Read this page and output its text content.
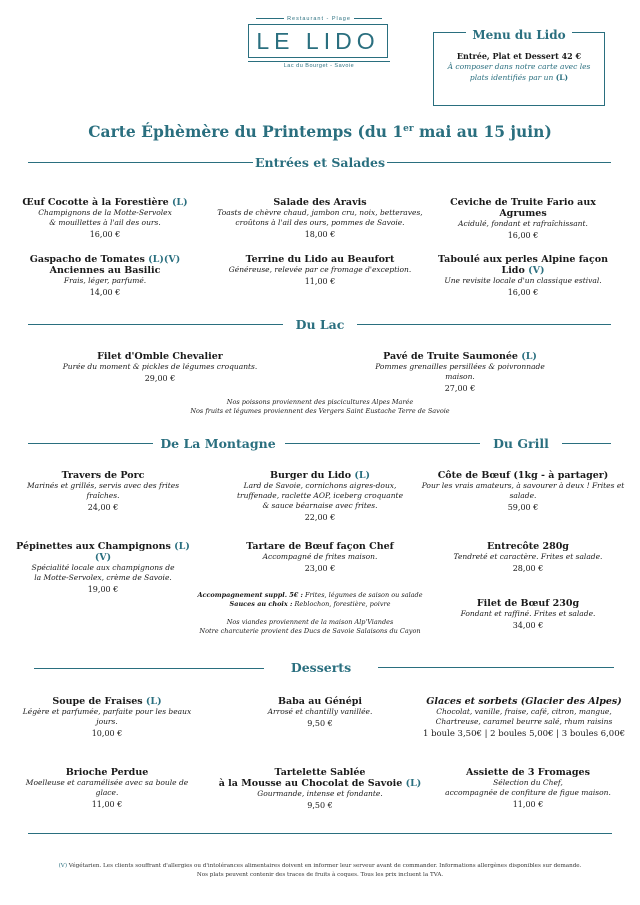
Restaurant - Plage
LE LIDO
Lac du Bourget - Savoie
Menu du Lido
Entrée, Plat et Dessert 42 €
À composer dans notre carte avec les plats identifiés par un (L)
Carte Éphèmère du Printemps (du 1er mai au 15 juin)
Entrées et Salades
Œuf Cocotte à la Forestière (L)
Champignons de la Motte-Servolex
& mouillettes à l'ail des ours.
16,00 €
Salade des Aravis
Toasts de chèvre chaud, jambon cru, noix, betteraves,
croûtons à l'ail des ours, pommes de Savoie.
18,00 €
Ceviche de Truite Fario aux Agrumes
Acidulé, fondant et rafraîchissant.
16,00 €
Gaspacho de Tomates (L)(V)
Anciennes au Basilic
Frais, léger, parfumé.
14,00 €
Terrine du Lido au Beaufort
Généreuse, relevée par ce fromage d'exception.
11,00 €
Taboulé aux perles Alpine façon Lido (V)
Une revisite locale d'un classique estival.
16,00 €
Du Lac
Filet d'Omble Chevalier
Purée du moment & pickles de légumes croquants.
29,00 €
Pavé de Truite Saumonée (L)
Pommes grenailles persillées & poivronnade maison.
27,00 €
Nos poissons proviennent des piscicultures Alpes Marée
Nos fruits et légumes proviennent des Vergers Saint Eustache Terre de Savoie
De La Montagne	Du Grill
Travers de Porc
Marinés et grillés, servis avec des frites fraîches.
24,00 €
Burger du Lido (L)
Lard de Savoie, cornichons aigres-doux,
truffenade, raclette AOP, iceberg croquante
& sauce béarnaise avec frites.
22,00 €
Pépinettes aux Champignons (L)(V)
Spécialité locale aux champignons de
la Motte-Servolex, crème de Savoie.
19,00 €
Tartare de Bœuf façon Chef
Accompagné de frites maison.
23,00 €
Côte de Bœuf (1kg - à partager)
Pour les vrais amateurs, à savourer à deux ! Frites et salade.
59,00 €
Entrecôte 280g
Tendreté et caractère. Frites et salade.
28,00 €
Filet de Bœuf 230g
Fondant et raffiné. Frites et salade.
34,00 €
Accompagnement suppl. 5€ : Frites, légumes de saison ou salade
Sauces au choix : Reblochon, forestière, poivre
Nos viandes proviennent de la maison Alp'Viandes
Notre charcuterie provient des Ducs de Savoie Salaisons du Cayon
Desserts
Soupe de Fraises (L)
Légère et parfumée, parfaite pour les beaux jours.
10,00 €
Baba au Génépi
Arrosé et chantilly vanillée.
9,50 €
Glaces et sorbets (Glacier des Alpes)
Chocolat, vanille, fraise, café, citron, mangue,
Chartreuse, caramel beurre salé, rhum raisins
1 boule 3,50€ | 2 boules 5,00€ | 3 boules 6,00€
Brioche Perdue
Moelleuse et caramélisée avec sa boule de glace.
11,00 €
Tartelette Sablée
à la Mousse au Chocolat de Savoie (L)
Gourmande, intense et fondante.
9,50 €
Assiette de 3 Fromages
Sélection du Chef,
accompagnée de confiture de figue maison.
11,00 €
(V) Végétarien. Les clients souffrant d'allergies ou d'intolérances alimentaires doivent en informer leur serveur avant de commander. Informations allergènes disponibles sur demande.
Nos plats peuvent contenir des traces de fruits à coques. Tous les prix incluent la TVA.
